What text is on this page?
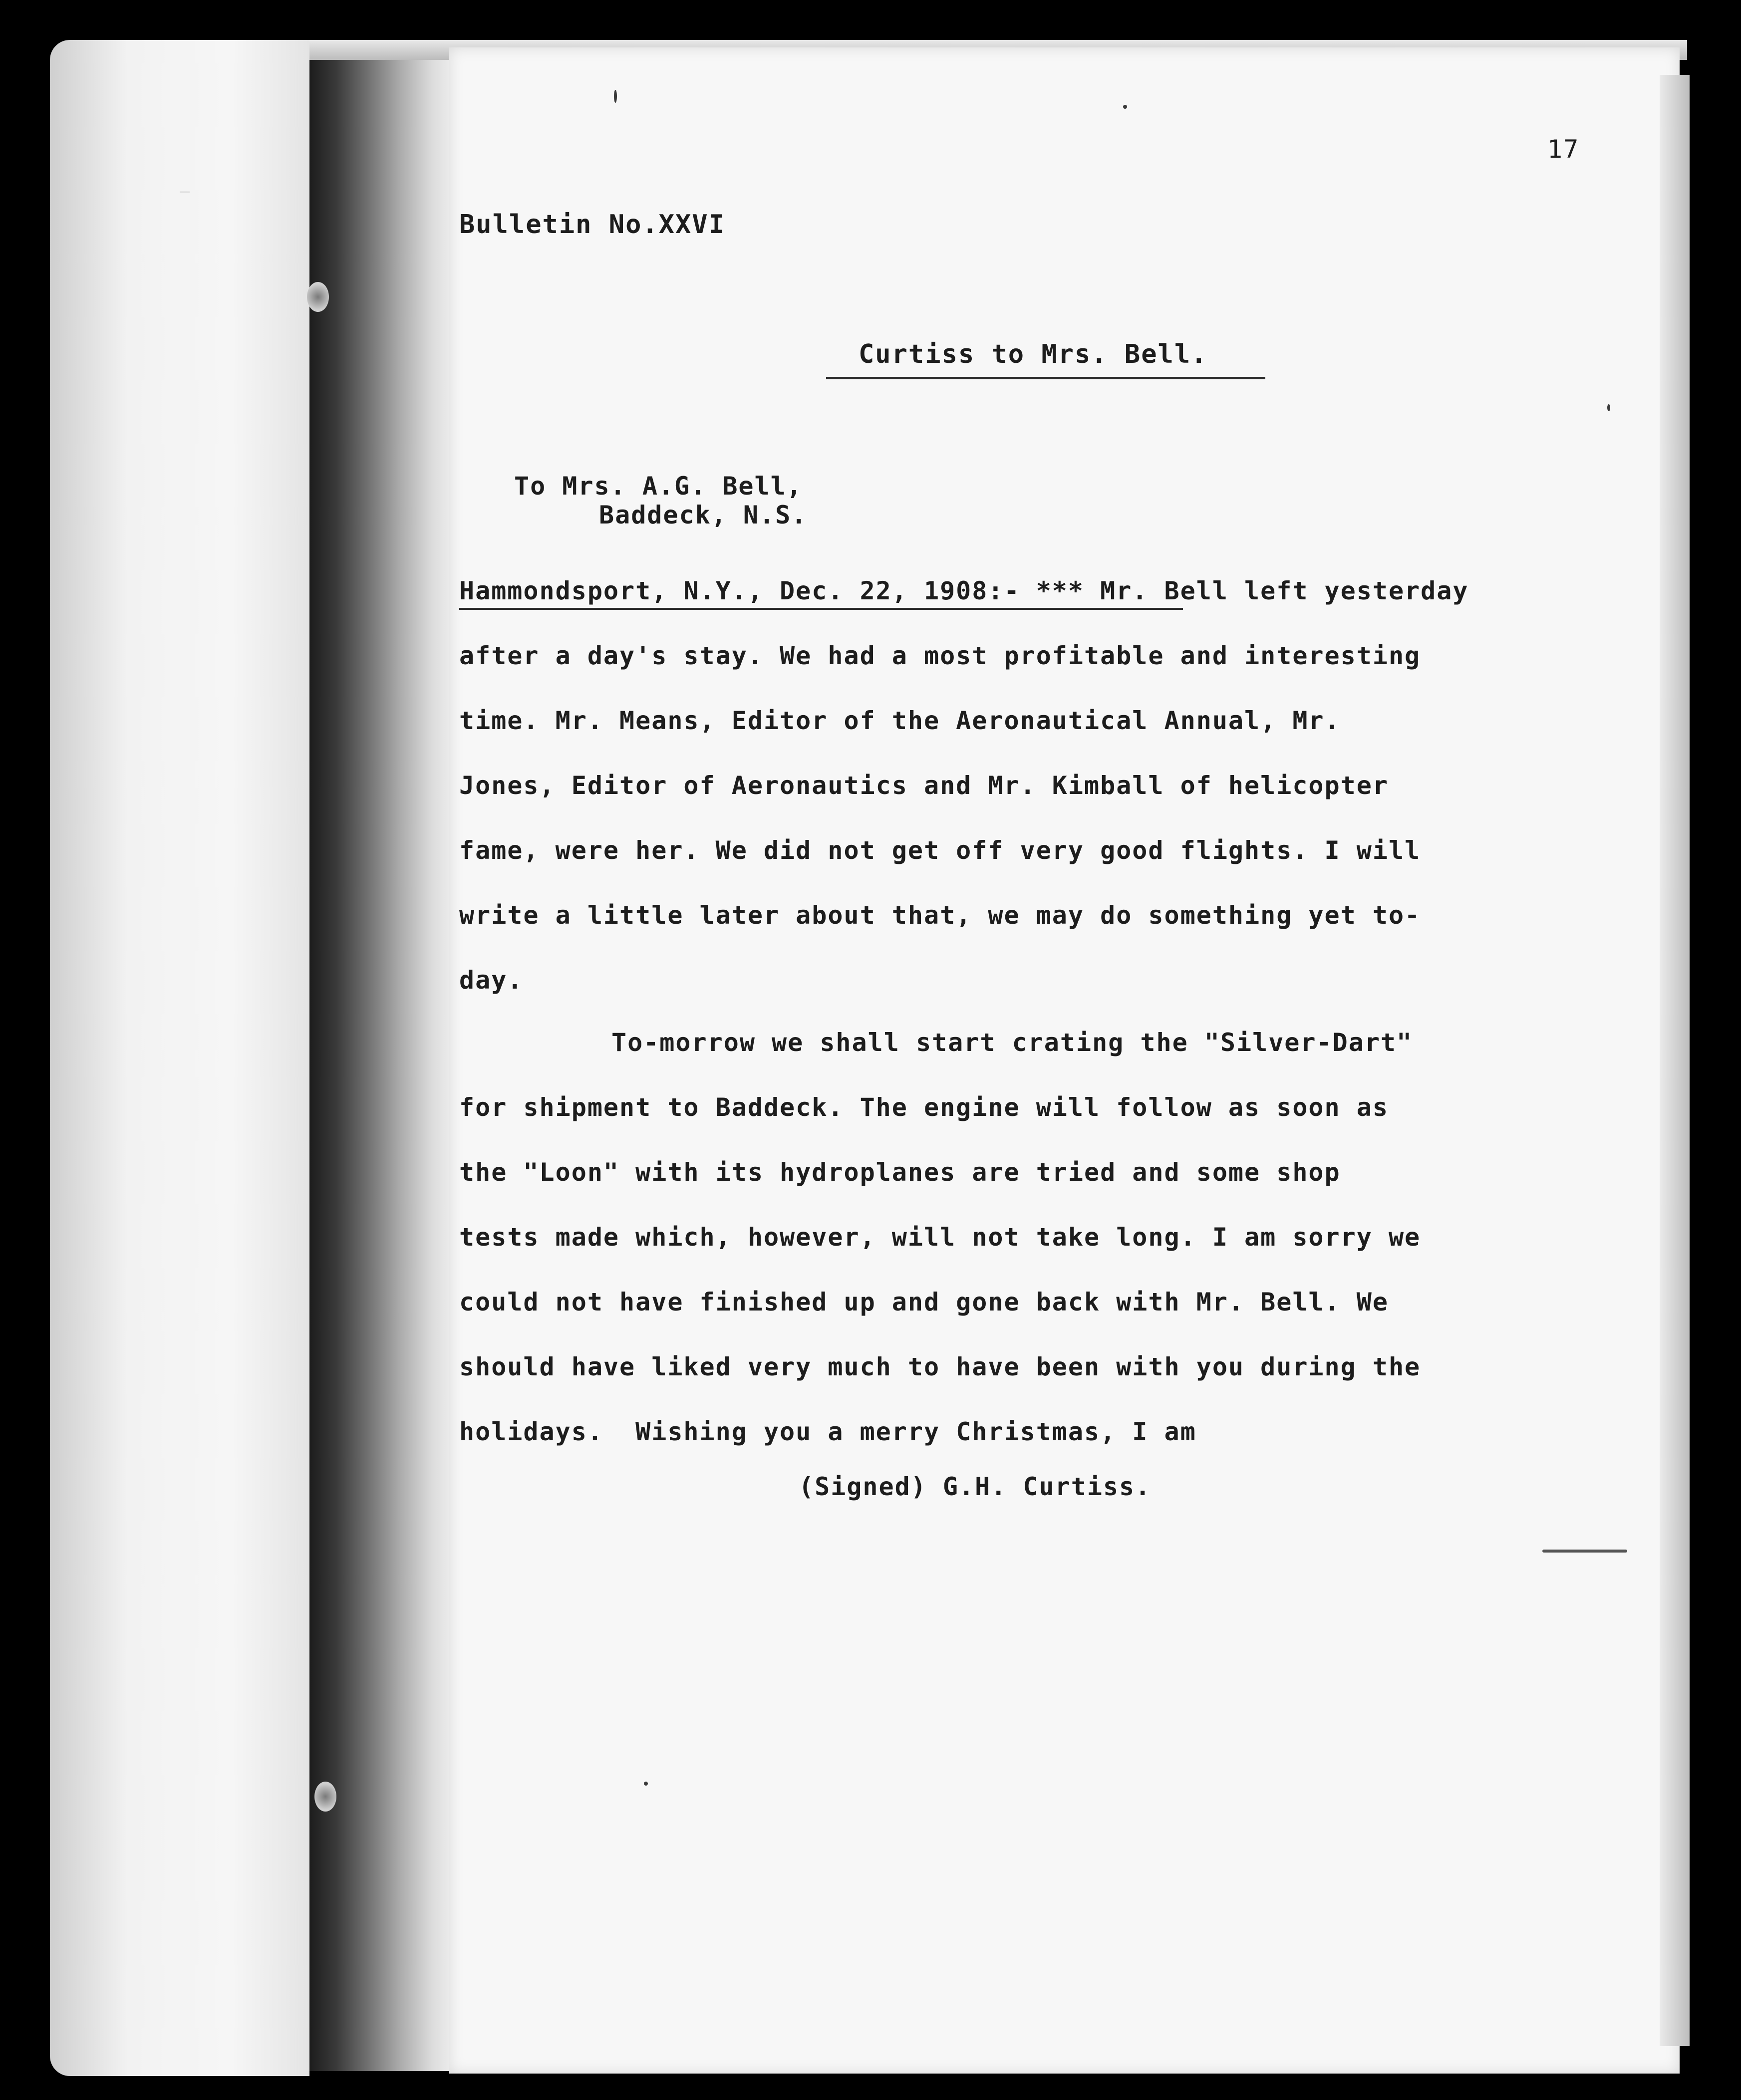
_
17
Bulletin No.XXVI
Curtiss to Mrs. Bell.
To Mrs. A.G. Bell,
Baddeck, N.S.
Hammondsport, N.Y., Dec. 22, 1908:- *** Mr. Bell left yesterday
after a day's stay. We had a most profitable and interesting
time. Mr. Means, Editor of the Aeronautical Annual, Mr.
Jones, Editor of Aeronautics and Mr. Kimball of helicopter
fame, were her. We did not get off very good flights. I will
write a little later about that, we may do something yet to-
day.
To-morrow we shall start crating the "Silver-Dart"
for shipment to Baddeck. The engine will follow as soon as
the "Loon" with its hydroplanes are tried and some shop
tests made which, however, will not take long. I am sorry we
could not have finished up and gone back with Mr. Bell. We
should have liked very much to have been with you during the
holidays.  Wishing you a merry Christmas, I am
(Signed) G.H. Curtiss.
